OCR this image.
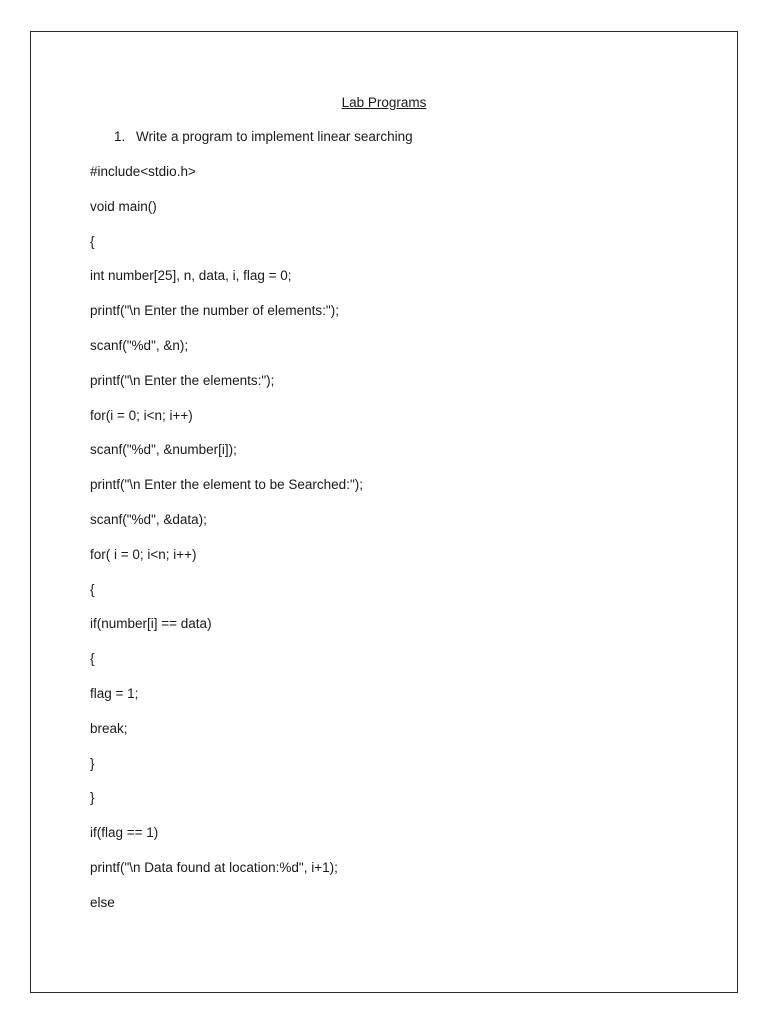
Lab Programs
1. Write a program to implement linear searching
#include<stdio.h>
void main()
{
int number[25], n, data, i, flag = 0;
printf("\n Enter the number of elements:");
scanf("%d", &n);
printf("\n Enter the elements:");
for(i = 0; i<n; i++)
scanf("%d", &number[i]);
printf("\n Enter the element to be Searched:");
scanf("%d", &data);
for( i = 0; i<n; i++)
{
if(number[i] == data)
{
flag = 1;
break;
}
}
if(flag == 1)
printf("\n Data found at location:%d", i+1);
else
